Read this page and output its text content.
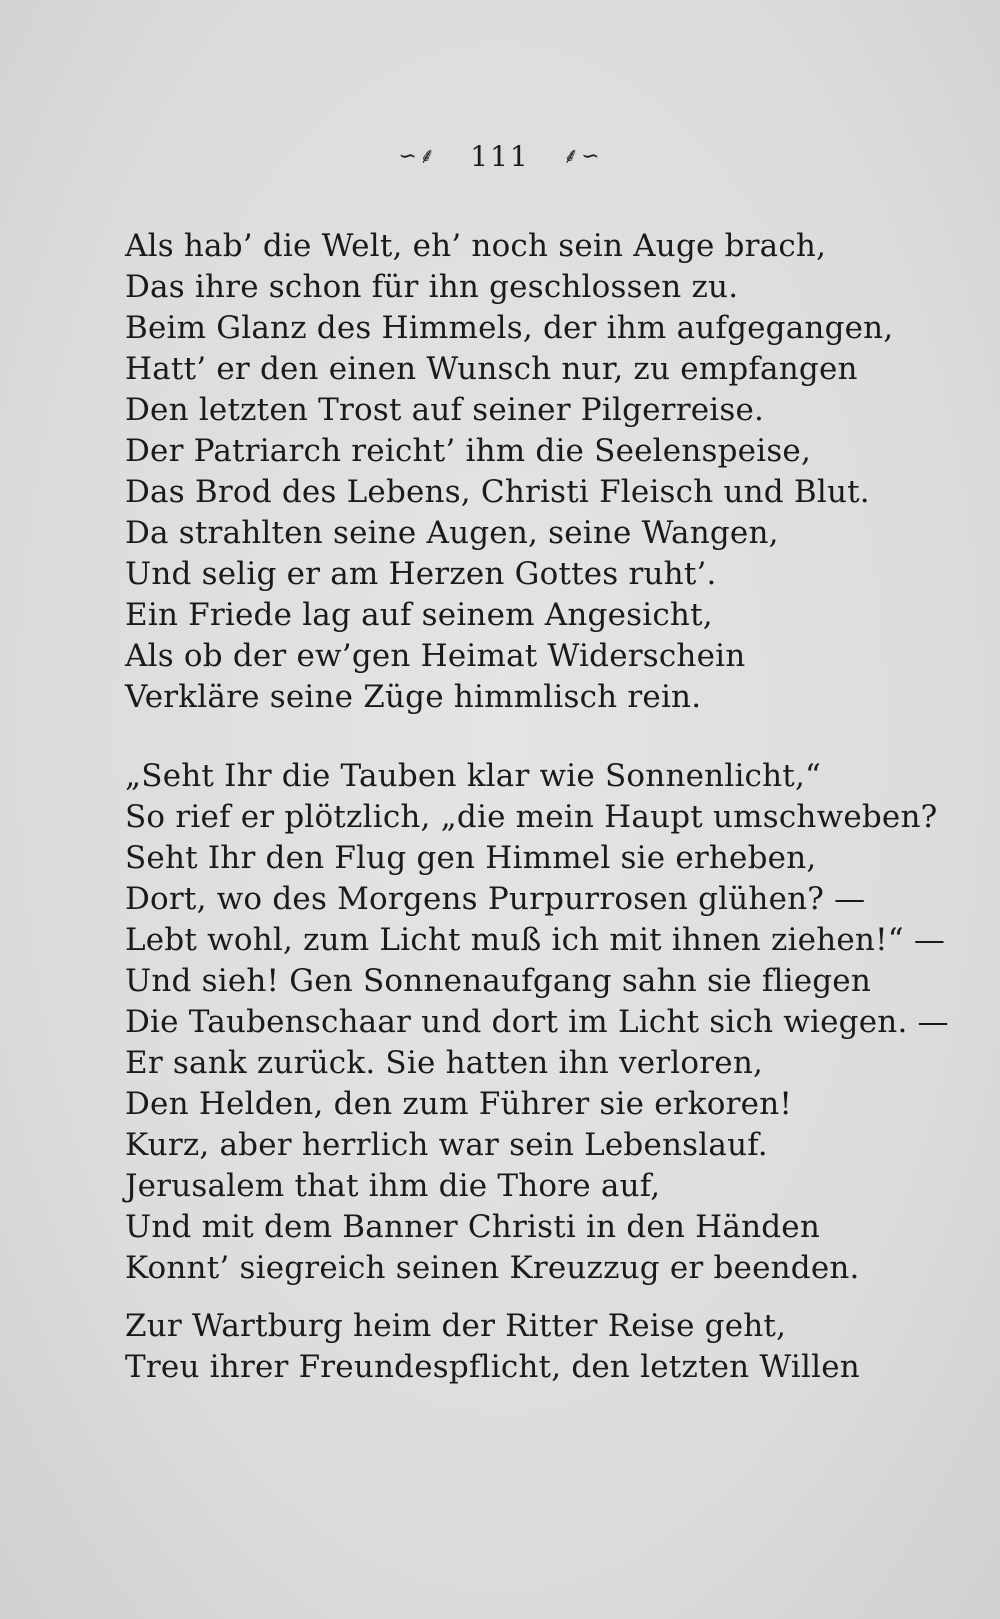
∽⸙ 111 ⸙∽
Als hab’ die Welt, eh’ noch sein Auge brach,
Das ihre schon für ihn geschlossen zu.
Beim Glanz des Himmels, der ihm aufgegangen,
Hatt’ er den einen Wunsch nur, zu empfangen
Den letzten Trost auf seiner Pilgerreise.
Der Patriarch reicht’ ihm die Seelenspeise,
Das Brod des Lebens, Christi Fleisch und Blut.
Da strahlten seine Augen, seine Wangen,
Und selig er am Herzen Gottes ruht’.
Ein Friede lag auf seinem Angesicht,
Als ob der ew’gen Heimat Widerschein
Verkläre seine Züge himmlisch rein.
„Seht Ihr die Tauben klar wie Sonnenlicht,“
So rief er plötzlich, „die mein Haupt umschweben?
Seht Ihr den Flug gen Himmel sie erheben,
Dort, wo des Morgens Purpurrosen glühen? —
Lebt wohl, zum Licht muß ich mit ihnen ziehen!“ —
Und sieh! Gen Sonnenaufgang sahn sie fliegen
Die Taubenschaar und dort im Licht sich wiegen. —
Er sank zurück. Sie hatten ihn verloren,
Den Helden, den zum Führer sie erkoren!
Kurz, aber herrlich war sein Lebenslauf.
Jerusalem that ihm die Thore auf,
Und mit dem Banner Christi in den Händen
Konnt’ siegreich seinen Kreuzzug er beenden.
Zur Wartburg heim der Ritter Reise geht,
Treu ihrer Freundespflicht, den letzten Willen
